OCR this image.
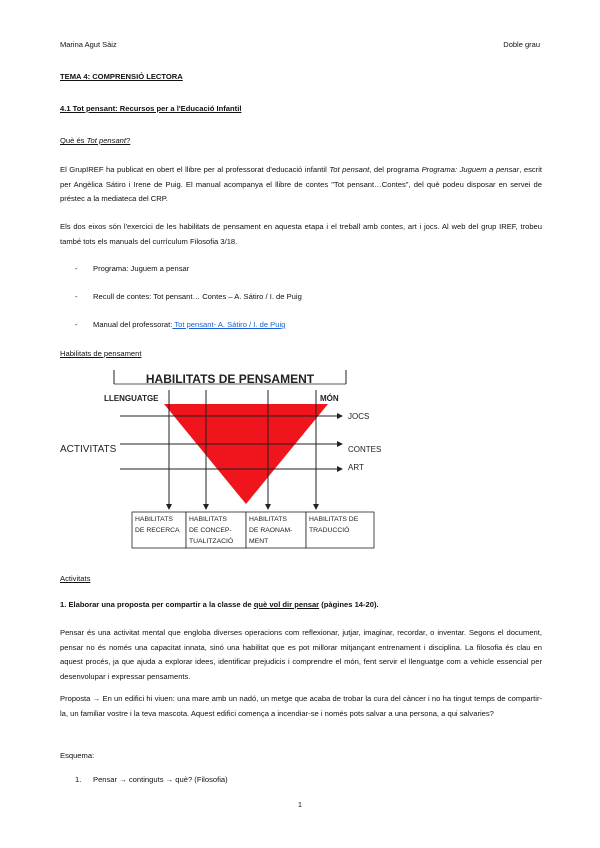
Marina Agut Sàiz	Doble grau
TEMA 4: COMPRENSIÓ LECTORA
4.1 Tot pensant: Recursos per a l'Educació Infantil
Què és Tot pensant?
El GrupIREF ha publicat en obert el llibre per al professorat d'educació infantil Tot pensant, del programa Programa: Juguem a pensar, escrit per Angèlica Sátiro i Irene de Puig. El manual acompanya el llibre de contes "Tot pensant…Contes", del què podeu disposar en servei de préstec a la mediateca del CRP.
Els dos eixos són l'exercici de les habilitats de pensament en aquesta etapa i el treball amb contes, art i jocs. Al web del grup IREF, trobeu també tots els manuals del currículum Filosofia 3/18.
- Programa: Juguem a pensar
- Recull de contes: Tot pensant… Contes – A. Sátiro / I. de Puig
- Manual del professorat: Tot pensant- A. Sátiro / I. de Puig
Habilitats de pensament
HABILITATS DE PENSAMENT
LLENGUATGE	MÓN
ACTIVITATS
JOCS
CONTES
ART
HABILITATS
DE RECERCA
HABILITATS
DE CONCEP-
TUALITZACIÓ
HABILITATS
DE RAONAM-
MENT
HABILITATS DE
TRADUCCIÓ
Activitats
1. Elaborar una proposta per compartir a la classe de què vol dir pensar (pàgines 14-20).
Pensar és una activitat mental que engloba diverses operacions com reflexionar, jutjar, imaginar, recordar, o inventar. Segons el document, pensar no és només una capacitat innata, sinó una habilitat que es pot millorar mitjançant entrenament i disciplina. La filosofia és clau en aquest procés, ja que ajuda a explorar idees, identificar prejudicis i comprendre el món, fent servir el llenguatge com a vehicle essencial per desenvolupar i expressar pensaments.
Proposta → En un edifici hi viuen: una mare amb un nadó, un metge que acaba de trobar la cura del càncer i no ha tingut temps de compartir-la, un familiar vostre i la teva mascota. Aquest edifici comença a incendiar-se i només pots salvar a una persona, a qui salvaries?
Esquema:
1.	Pensar → continguts → què? (Filosofia)
1
